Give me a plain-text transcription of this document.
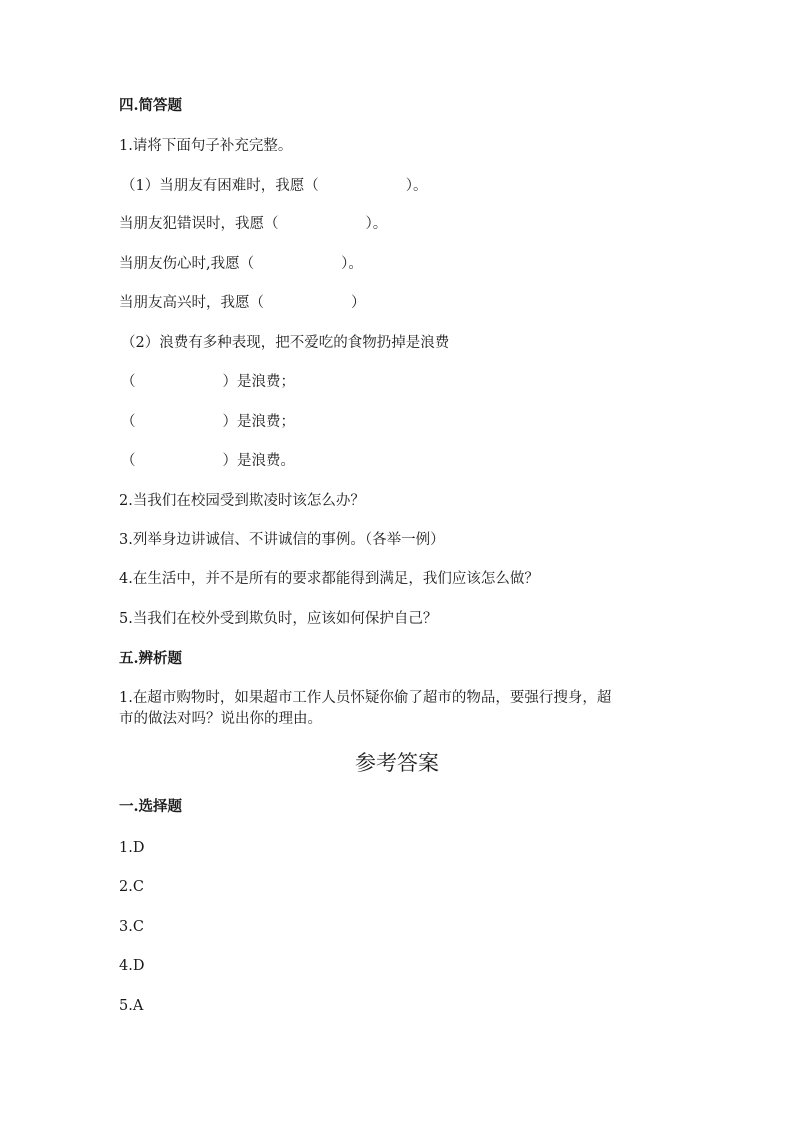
四.简答题
1.请将下面句子补充完整。
（1）当朋友有困难时，我愿（　　　　　　）。
当朋友犯错误时，我愿（　　　　　　）。
当朋友伤心时,我愿（　　　　　　）。
当朋友高兴时，我愿（　　　　　　）
（2）浪费有多种表现，把不爱吃的食物扔掉是浪费
（　　　　　　）是浪费；
（　　　　　　）是浪费；
（　　　　　　）是浪费。
2.当我们在校园受到欺凌时该怎么办？
3.列举身边讲诚信、不讲诚信的事例。（各举一例）
4.在生活中，并不是所有的要求都能得到满足，我们应该怎么做？
5.当我们在校外受到欺负时，应该如何保护自己？
五.辨析题
1.在超市购物时，如果超市工作人员怀疑你偷了超市的物品，要强行搜身，超
市的做法对吗？说出你的理由。
参考答案
一.选择题
1.D
2.C
3.C
4.D
5.A
